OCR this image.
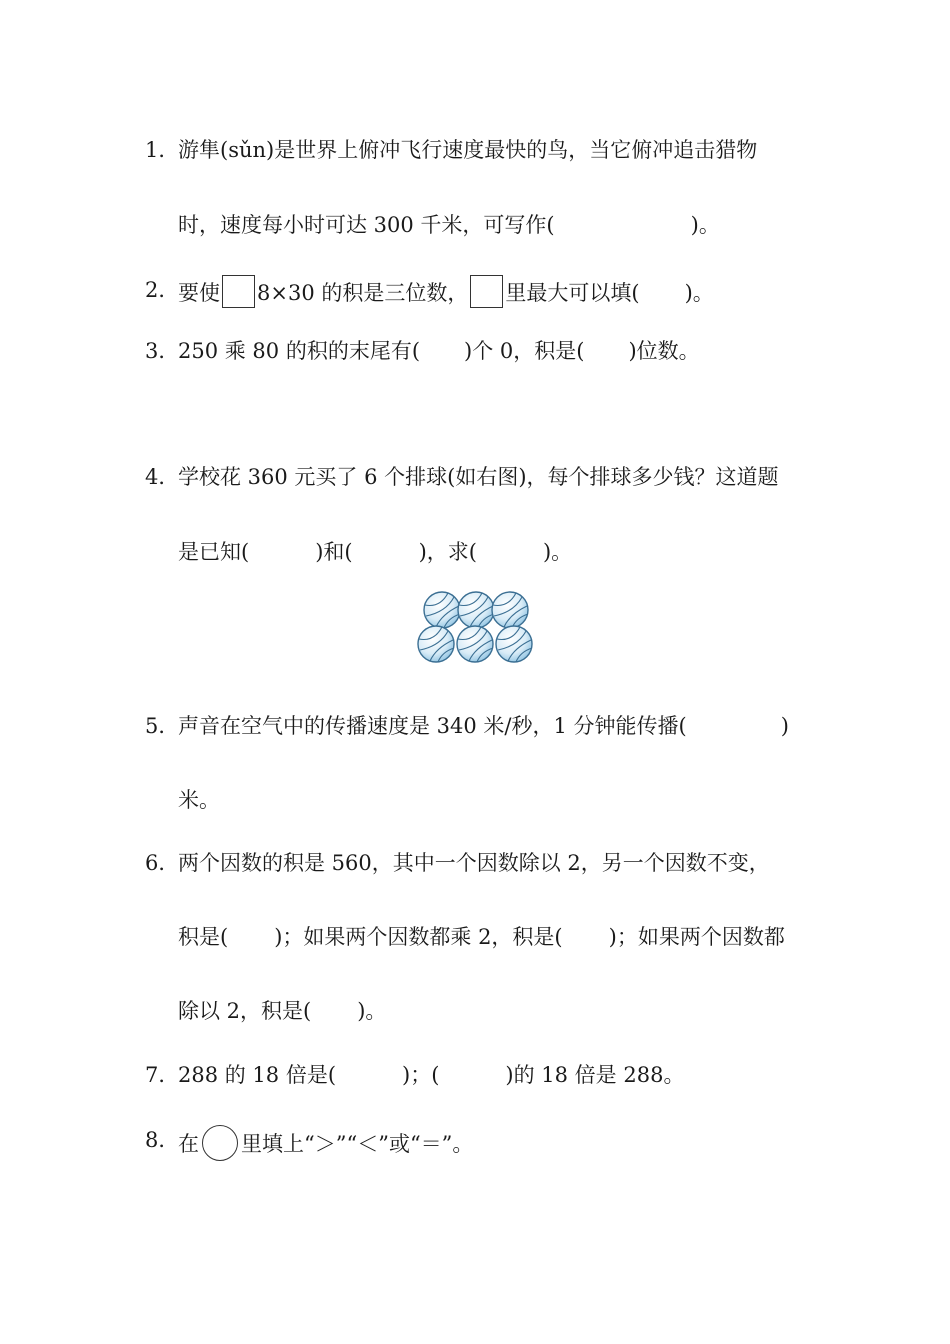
1．
游隼(sǔn)是世界上俯冲飞行速度最快的鸟，当它俯冲追击猎物
时，速度每小时可达 300 千米，可写作(	)。
2．
要使 8×30 的积是三位数， 里最大可以填( )。
3．
250 乘 80 的积的末尾有( )个 0，积是( )位数。
4．
学校花 360 元买了 6 个排球(如右图)，每个排球多少钱？这道题
是已知(	)和(	)，求(	)。
5．
声音在空气中的传播速度是 340 米/秒，1 分钟能传播(	)
米。
6．
两个因数的积是 560，其中一个因数除以 2，另一个因数不变，
积是( )；如果两个因数都乘 2，积是( )；如果两个因数都
除以 2，积是( )。
7．
288 的 18 倍是(	)；(	)的 18 倍是 288。
8．
在 里填上“＞”“＜”或“＝”。
